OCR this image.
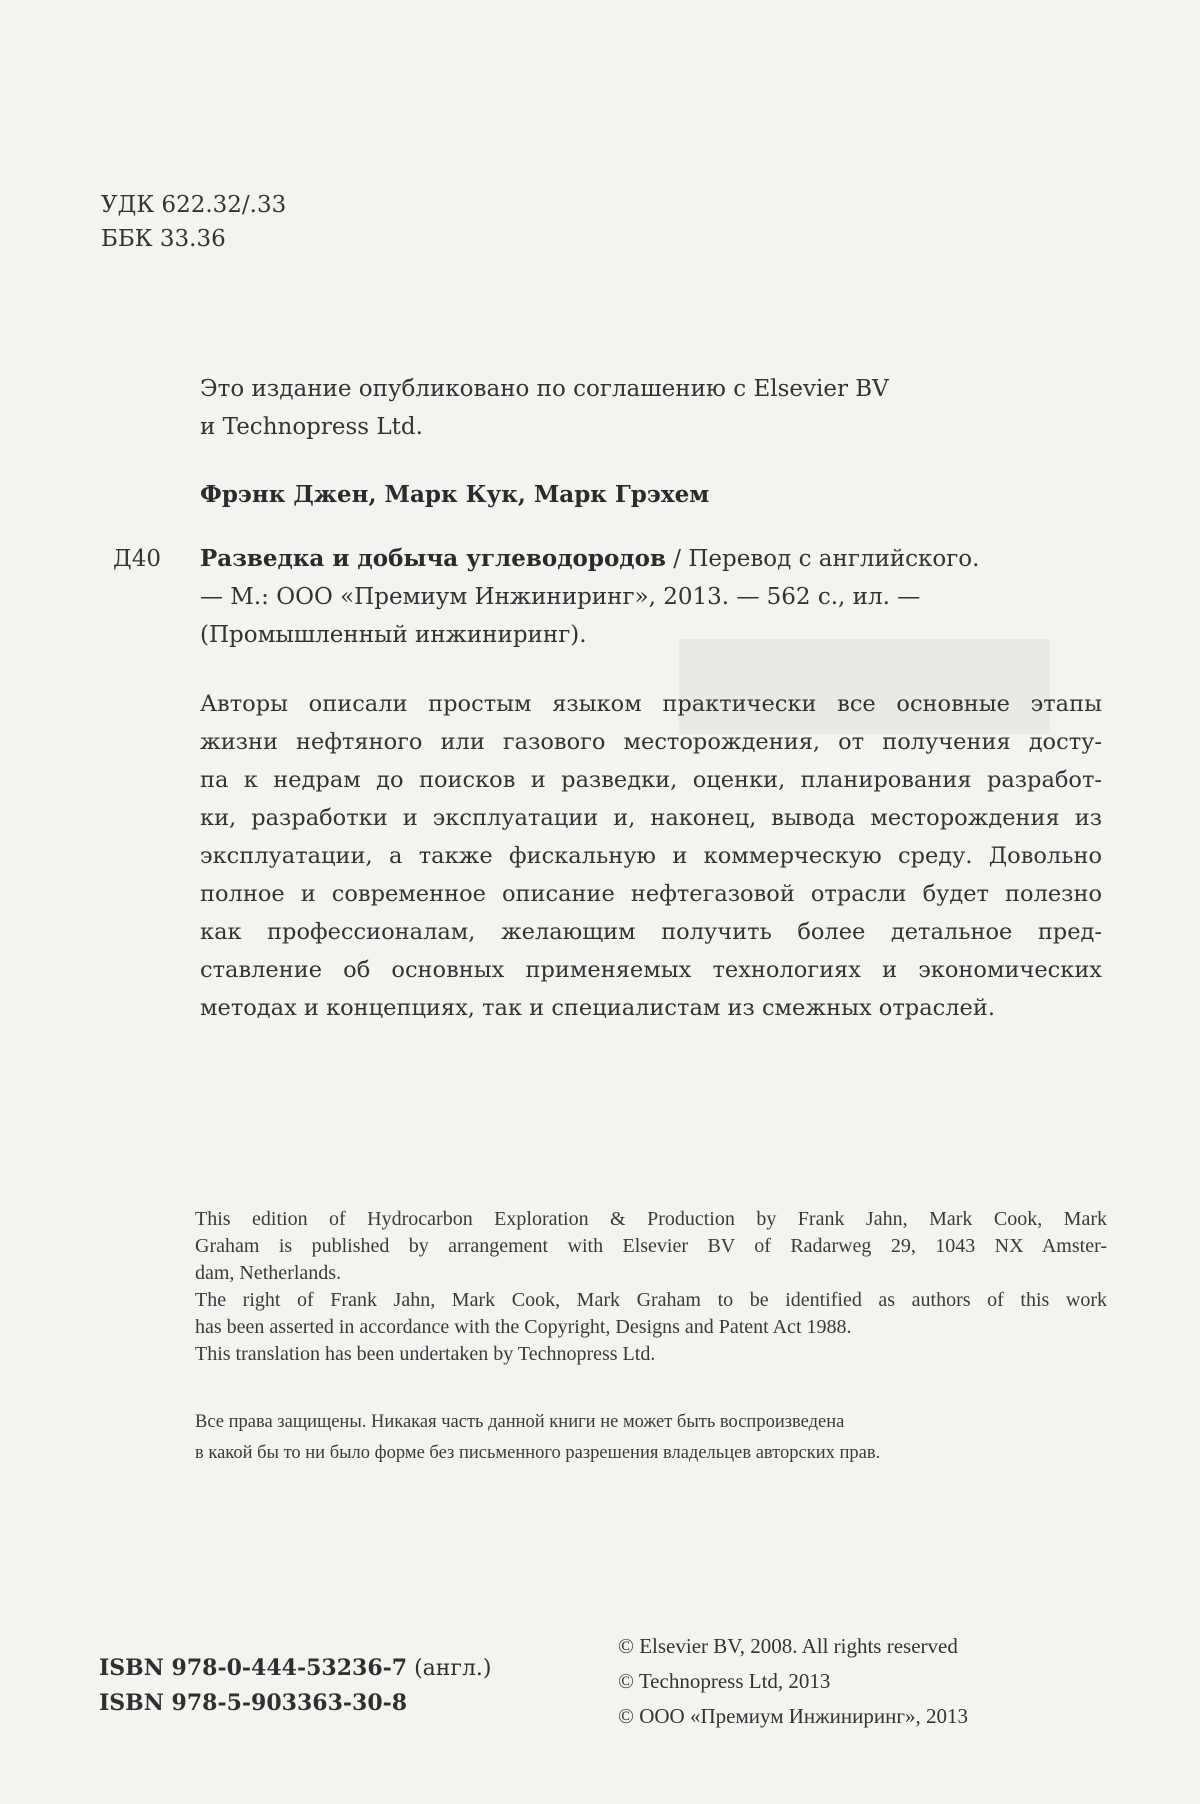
УДК 622.32/.33
ББК 33.36
Это издание опубликовано по соглашению с Elsevier BV
и Technopress Ltd.
Фрэнк Джен, Марк Кук, Марк Грэхем
Д40 Разведка и добыча углеводородов / Перевод с английского.
— М.: ООО «Премиум Инжиниринг», 2013. — 562 с., ил. —
(Промышленный инжиниринг).
Авторы описали простым языком практически все основные этапы
жизни нефтяного или газового месторождения, от получения досту-
па к недрам до поисков и разведки, оценки, планирования разработ-
ки, разработки и эксплуатации и, наконец, вывода месторождения из
эксплуатации, а также фискальную и коммерческую среду. Довольно
полное и современное описание нефтегазовой отрасли будет полезно
как профессионалам, желающим получить более детальное пред-
ставление об основных применяемых технологиях и экономических
методах и концепциях, так и специалистам из смежных отраслей.
This edition of Hydrocarbon Exploration & Production by Frank Jahn, Mark Cook, Mark
Graham is published by arrangement with Elsevier BV of Radarweg 29, 1043 NX Amster-
dam, Netherlands.
The right of Frank Jahn, Mark Cook, Mark Graham to be identified as authors of this work
has been asserted in accordance with the Copyright, Designs and Patent Act 1988.
This translation has been undertaken by Technopress Ltd.
Все права защищены. Никакая часть данной книги не может быть воспроизведена
в какой бы то ни было форме без письменного разрешения владельцев авторских прав.
ISBN 978-0-444-53236-7 (англ.)
ISBN 978-5-903363-30-8
© Elsevier BV, 2008. All rights reserved
© Technopress Ltd, 2013
© ООО «Премиум Инжиниринг», 2013
